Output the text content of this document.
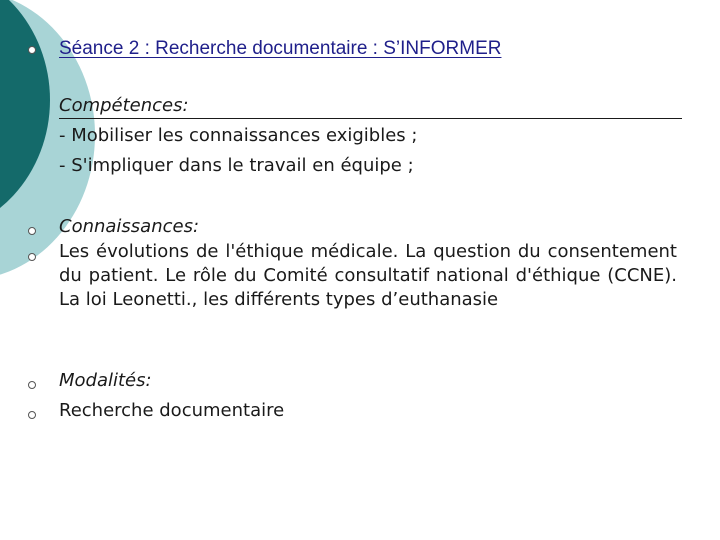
Séance 2 : Recherche documentaire : S’INFORMER
Compétences:
- Mobiliser les connaissances exigibles ;
- S'impliquer dans le travail en équipe ;
Connaissances:
Les évolutions de l'éthique médicale. La question du consentement du patient. Le rôle du Comité consultatif national d'éthique (CCNE). La loi Leonetti., les différents types d’euthanasie
Modalités:
Recherche documentaire
